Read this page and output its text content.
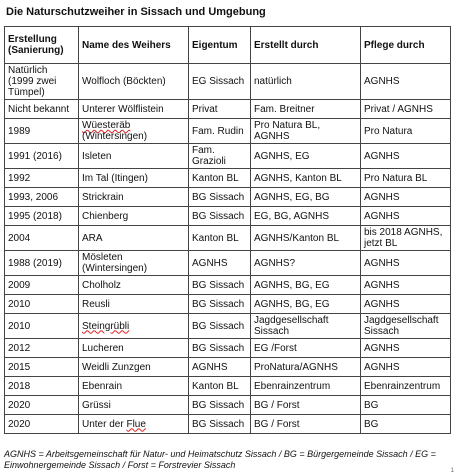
Die Naturschutzweiher in Sissach und Umgebung
Erstellung (Sanierung)	Name des Weihers	Eigentum	Erstellt durch	Pflege durch
Natürlich (1999 zwei Tümpel)	Wolfloch (Böckten)	EG Sissach	natürlich	AGNHS
Nicht bekannt	Unterer Wölflistein	Privat	Fam. Breitner	Privat / AGNHS
1989	Wüesteräb (Wintersingen)	Fam. Rudin	Pro Natura BL, AGNHS	Pro Natura
1991 (2016)	Isleten	Fam. Grazioli	AGNHS, EG	AGNHS
1992	Im Tal (Itingen)	Kanton BL	AGNHS, Kanton BL	Pro Natura BL
1993, 2006	Strickrain	BG Sissach	AGNHS, EG, BG	AGNHS
1995 (2018)	Chienberg	BG Sissach	EG, BG, AGNHS	AGNHS
2004	ARA	Kanton BL	AGNHS/Kanton BL	bis 2018 AGNHS, jetzt BL
1988 (2019)	Mösleten (Wintersingen)	AGNHS	AGNHS?	AGNHS
2009	Cholholz	BG Sissach	AGNHS, BG, EG	AGNHS
2010	Reusli	BG Sissach	AGNHS, BG, EG	AGNHS
2010	Steingrübli	BG Sissach	Jagdgesellschaft Sissach	Jagdgesellschaft Sissach
2012	Lucheren	BG Sissach	EG /Forst	AGNHS
2015	Weidli Zunzgen	AGNHS	ProNatura/AGNHS	AGNHS
2018	Ebenrain	Kanton BL	Ebenrainzentrum	Ebenrainzentrum
2020	Grüssi	BG Sissach	BG / Forst	BG
2020	Unter der Flue	BG Sissach	BG / Forst	BG
AGNHS = Arbeitsgemeinschaft für Natur- und Heimatschutz Sissach / BG = Bürgergemeinde Sissach / EG = Einwohnergemeinde Sissach / Forst = Forstrevier Sissach
1
